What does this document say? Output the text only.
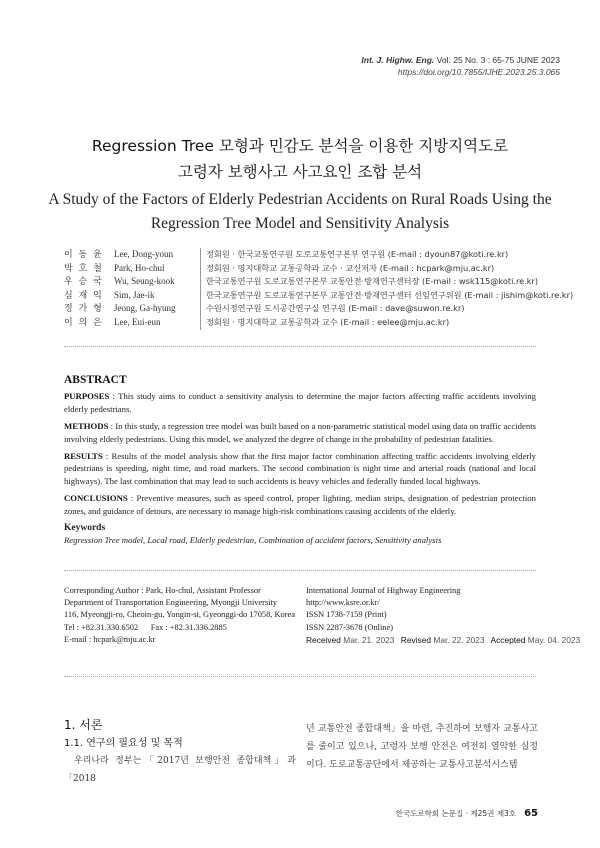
Int. J. Highw. Eng. Vol. 25 No. 3 : 65-75 JUNE 2023
https://doi.org/10.7855/IJHE.2023.25.3.065
Regression Tree 모형과 민감도 분석을 이용한 지방지역도로
고령자 보행사고 사고요인 조합 분석
A Study of the Factors of Elderly Pedestrian Accidents on Rural Roads Using the
Regression Tree Model and Sensitivity Analysis
이 동 윤	Lee, Dong-youn	정회원 · 한국교통연구원 도로교통연구본부 연구원 (E-mail : dyoun87@koti.re.kr)
박 호 철	Park, Ho-chul	정회원 · 명지대학교 교통공학과 교수 · 교신저자 (E-mail : hcpark@mju.ac.kr)
우 승 국	Wu, Seung-kook	한국교통연구원 도로교통연구본부 교통안전·방재연구센터장 (E-mail : wsk115@koti.re.kr)
심 재 익	Sim, Jae-ik	한국교통연구원 도로교통연구본부 교통안전·방재연구센터 선임연구위원 (E-mail : jishim@koti.re.kr)
정 가 형	Jeong, Ga-hyung	수원시정연구원 도시공간연구실 연구원 (E-mail : dave@suwon.re.kr)
이 의 은	Lee, Eui-eun	정회원 · 명지대학교 교통공학과 교수 (E-mail : eelee@mju.ac.kr)
ABSTRACT

PURPOSES : This study aims to conduct a sensitivity analysis to determine the major factors affecting traffic accidents involving elderly pedestrians.

METHODS : In this study, a regression tree model was built based on a non-parametric statistical model using data on traffic accidents involving elderly pedestrians. Using this model, we analyzed the degree of change in the probability of pedestrian fatalities.

RESULTS : Results of the model analysis show that the first major factor combination affecting traffic accidents involving elderly pedestrians is speeding, night time, and road markers. The second combination is night time and arterial roads (national and local highways). The last combination that may lead to such accidents is heavy vehicles and federally funded local highways.

CONCLUSIONS : Preventive measures, such as speed control, proper lighting, median strips, designation of pedestrian protection zones, and guidance of detours, are necessary to manage high-risk combinations causing accidents of the elderly.

Keywords
Regression Tree model, Local road, Elderly pedestrian, Combination of accident factors, Sensitivity analysis
Corresponding Author : Park, Ho-chul, Assistant Professor
Department of Transportation Engineering, Myongji University
116, Myeongji-ro, Cheoin-gu, Yongin-si, Gyeonggi-do 17058, Korea
Tel : +82.31.330.6502      Fax : +82.31.336.2885
E-mail : hcpark@mju.ac.kr
International Journal of Highway Engineering
http://www.ksre.or.kr/
ISSN 1738-7159 (Print)
ISSN 2287-3678 (Online)
Received Mar. 21. 2023 Revised Mar. 22. 2023 Accepted May. 04. 2023
1. 서론
1.1. 연구의 필요성 및 목적
우리나라 정부는「2017년 보행안전 종합대책」과「2018
년 교통안전 종합대책」을 마련, 추진하여 보행자 교통사고를 줄이고 있으나, 고령자 보행 안전은 여전히 열악한 실정이다. 도로교통공단에서 제공하는 교통사고분석시스템
한국도로학회 논문집 · 제25권 제3호 65
